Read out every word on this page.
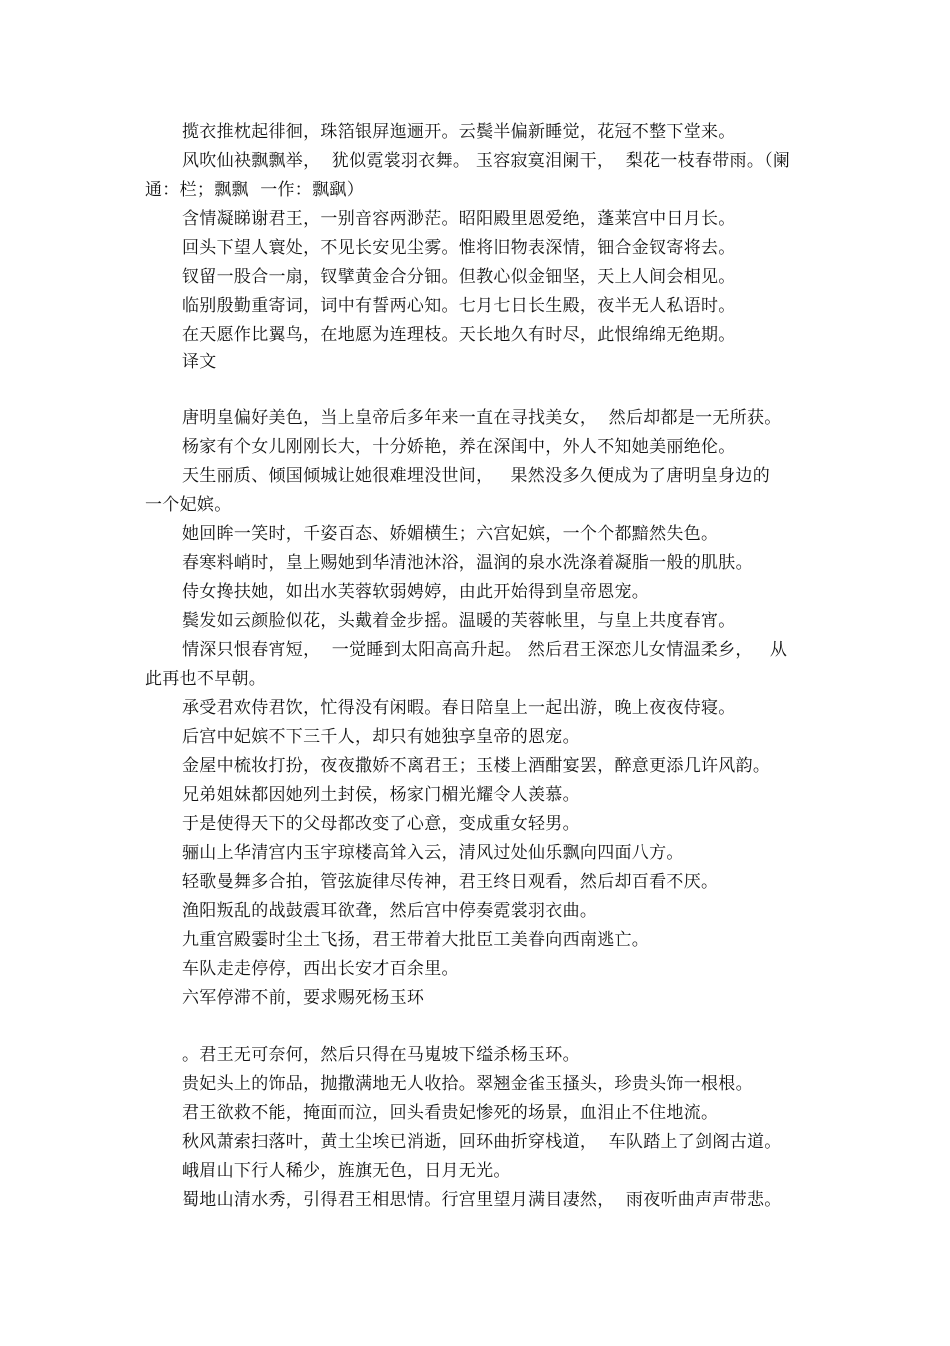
揽衣推枕起徘徊，珠箔银屏迤逦开。云鬓半偏新睡觉，花冠不整下堂来。
风吹仙袂飘飘举，  犹似霓裳羽衣舞。 玉容寂寞泪阑干，  梨花一枝春带雨。（阑
通：栏；飘飘  一作：飘飖）
含情凝睇谢君王，一别音容两渺茫。昭阳殿里恩爱绝，蓬莱宫中日月长。
回头下望人寰处，不见长安见尘雾。惟将旧物表深情，钿合金钗寄将去。
钗留一股合一扇，钗擘黄金合分钿。但教心似金钿坚，天上人间会相见。
临别殷勤重寄词，词中有誓两心知。七月七日长生殿，夜半无人私语时。
在天愿作比翼鸟，在地愿为连理枝。天长地久有时尽，此恨绵绵无绝期。
译文
唐明皇偏好美色，当上皇帝后多年来一直在寻找美女，  然后却都是一无所获。
杨家有个女儿刚刚长大，十分娇艳，养在深闺中，外人不知她美丽绝伦。
天生丽质、倾国倾城让她很难埋没世间，   果然没多久便成为了唐明皇身边的
一个妃嫔。
她回眸一笑时，千姿百态、娇媚横生；六宫妃嫔，一个个都黯然失色。
春寒料峭时，皇上赐她到华清池沐浴，温润的泉水洗涤着凝脂一般的肌肤。
侍女搀扶她，如出水芙蓉软弱娉婷，由此开始得到皇帝恩宠。
鬓发如云颜脸似花，头戴着金步摇。温暖的芙蓉帐里，与皇上共度春宵。
情深只恨春宵短，  一觉睡到太阳高高升起。 然后君王深恋儿女情温柔乡，   从
此再也不早朝。
承受君欢侍君饮，忙得没有闲暇。春日陪皇上一起出游，晚上夜夜侍寝。
后宫中妃嫔不下三千人，却只有她独享皇帝的恩宠。
金屋中梳妆打扮，夜夜撒娇不离君王；玉楼上酒酣宴罢，醉意更添几许风韵。
兄弟姐妹都因她列土封侯，杨家门楣光耀令人羡慕。
于是使得天下的父母都改变了心意，变成重女轻男。
骊山上华清宫内玉宇琼楼高耸入云，清风过处仙乐飘向四面八方。
轻歌曼舞多合拍，管弦旋律尽传神，君王终日观看，然后却百看不厌。
渔阳叛乱的战鼓震耳欲聋，然后宫中停奏霓裳羽衣曲。
九重宫殿霎时尘土飞扬，君王带着大批臣工美眷向西南逃亡。
车队走走停停，西出长安才百余里。
六军停滞不前，要求赐死杨玉环
。君王无可奈何，然后只得在马嵬坡下缢杀杨玉环。
贵妃头上的饰品，抛撒满地无人收拾。翠翘金雀玉搔头，珍贵头饰一根根。
君王欲救不能，掩面而泣，回头看贵妃惨死的场景，血泪止不住地流。
秋风萧索扫落叶，黄土尘埃已消逝，回环曲折穿栈道，  车队踏上了剑阁古道。
峨眉山下行人稀少，旌旗无色，日月无光。
蜀地山清水秀，引得君王相思情。行宫里望月满目凄然，  雨夜听曲声声带悲。
